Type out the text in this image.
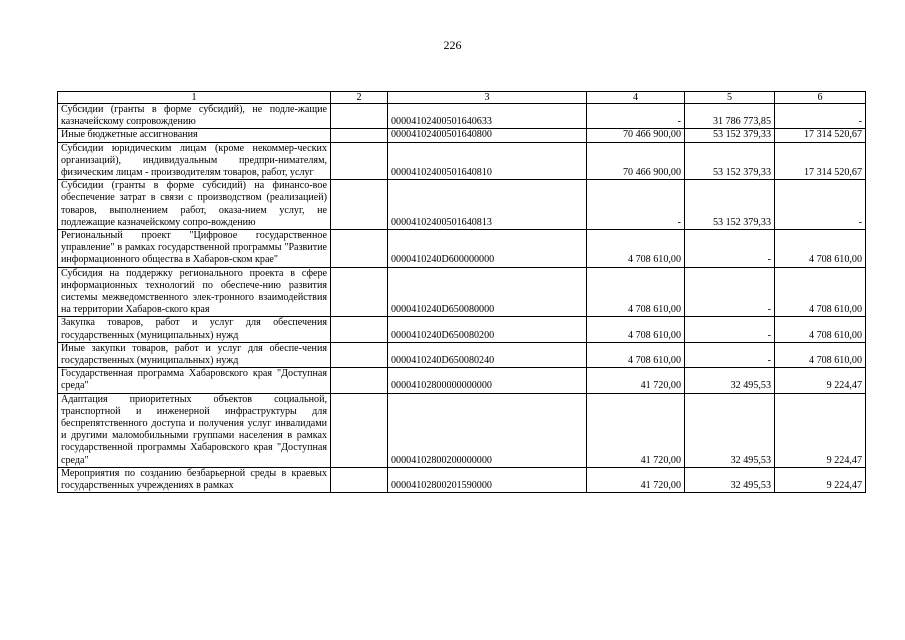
226
1	2	3	4	5	6
Субсидии (гранты в форме субсидий), не подле-жащие казначейскому сопровождению		00004102400501640633	-	31 786 773,85	-
Иные бюджетные ассигнования		00004102400501640800	70 466 900,00	53 152 379,33	17 314 520,67
Субсидии юридическим лицам (кроме некоммер-ческих организаций), индивидуальным предпри-нимателям, физическим лицам - производителям товаров, работ, услуг		00004102400501640810	70 466 900,00	53 152 379,33	17 314 520,67
Субсидии (гранты в форме субсидий) на финансо-вое обеспечение затрат в связи с производством (реализацией) товаров, выполнением работ, оказа-нием услуг, не подлежащие казначейскому сопро-вождению		00004102400501640813	-	53 152 379,33	-
Региональный проект "Цифровое государственное управление" в рамках государственной программы "Развитие информационного общества в Хабаров-ском крае"		0000410240D600000000	4 708 610,00	-	4 708 610,00
Субсидия на поддержку регионального проекта в сфере информационных технологий по обеспече-нию развития системы межведомственного элек-тронного взаимодействия на территории Хабаров-ского края		0000410240D650080000	4 708 610,00	-	4 708 610,00
Закупка товаров, работ и услуг для обеспечения государственных (муниципальных) нужд		0000410240D650080200	4 708 610,00	-	4 708 610,00
Иные закупки товаров, работ и услуг для обеспе-чения государственных (муниципальных) нужд		0000410240D650080240	4 708 610,00	-	4 708 610,00
Государственная программа Хабаровского края "Доступная среда"		00004102800000000000	41 720,00	32 495,53	9 224,47
Адаптация приоритетных объектов социальной, транспортной и инженерной инфраструктуры для беспрепятственного доступа и получения услуг инвалидами и другими маломобильными группами населения в рамках государственной программы Хабаровского края "Доступная среда"		00004102800200000000	41 720,00	32 495,53	9 224,47
Мероприятия по созданию безбарьерной среды в краевых государственных учреждениях в рамках		00004102800201590000	41 720,00	32 495,53	9 224,47
